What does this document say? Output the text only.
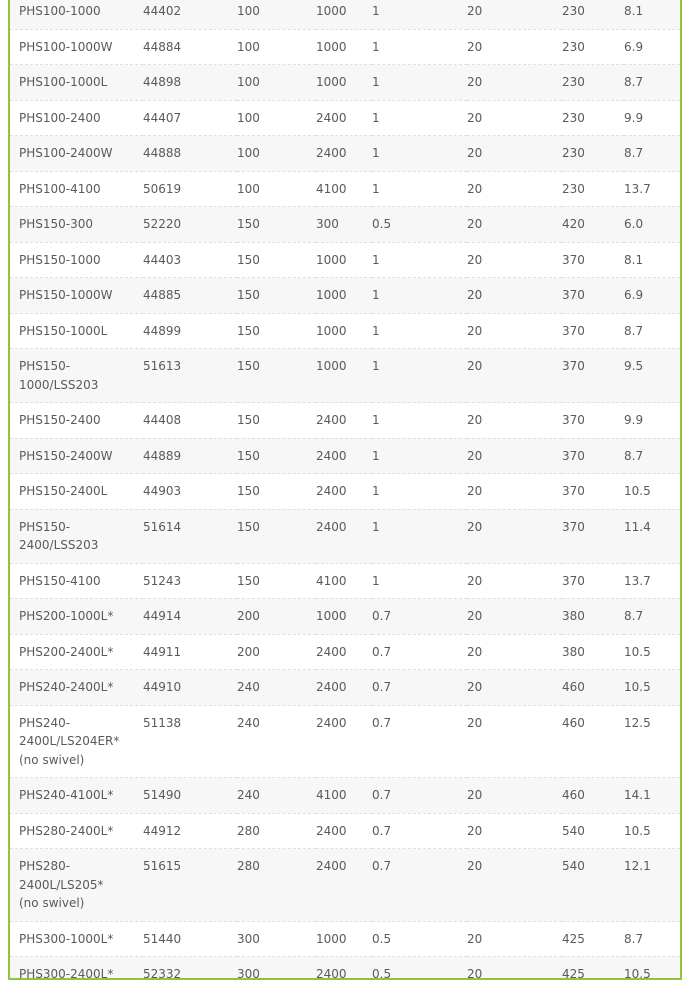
PHS100-1000	44402	100	1000	1	20	230	8.1
PHS100-1000W	44884	100	1000	1	20	230	6.9
PHS100-1000L	44898	100	1000	1	20	230	8.7
PHS100-2400	44407	100	2400	1	20	230	9.9
PHS100-2400W	44888	100	2400	1	20	230	8.7
PHS100-4100	50619	100	4100	1	20	230	13.7
PHS150-300	52220	150	300	0.5	20	420	6.0
PHS150-1000	44403	150	1000	1	20	370	8.1
PHS150-1000W	44885	150	1000	1	20	370	6.9
PHS150-1000L	44899	150	1000	1	20	370	8.7
PHS150-
1000/LSS203	51613	150	1000	1	20	370	9.5
PHS150-2400	44408	150	2400	1	20	370	9.9
PHS150-2400W	44889	150	2400	1	20	370	8.7
PHS150-2400L	44903	150	2400	1	20	370	10.5
PHS150-
2400/LSS203	51614	150	2400	1	20	370	11.4
PHS150-4100	51243	150	4100	1	20	370	13.7
PHS200-1000L*	44914	200	1000	0.7	20	380	8.7
PHS200-2400L*	44911	200	2400	0.7	20	380	10.5
PHS240-2400L*	44910	240	2400	0.7	20	460	10.5
PHS240-
2400L/LS204ER*
(no swivel)	51138	240	2400	0.7	20	460	12.5
PHS240-4100L*	51490	240	4100	0.7	20	460	14.1
PHS280-2400L*	44912	280	2400	0.7	20	540	10.5
PHS280-
2400L/LS205*
(no swivel)	51615	280	2400	0.7	20	540	12.1
PHS300-1000L*	51440	300	1000	0.5	20	425	8.7
PHS300-2400L*	52332	300	2400	0.5	20	425	10.5
